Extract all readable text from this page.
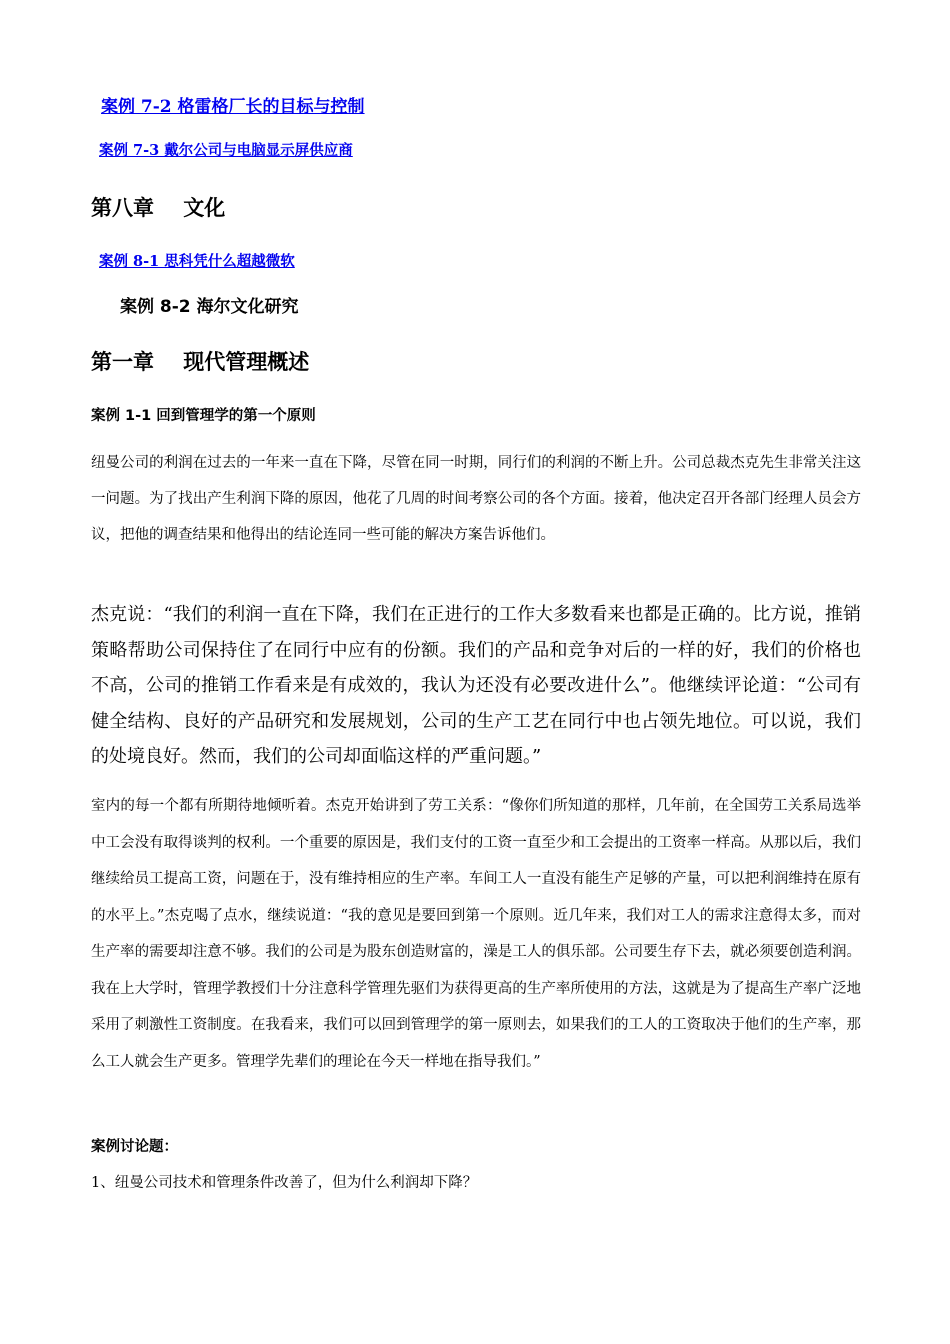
案例 7-2 格雷格厂长的目标与控制
案例 7-3 戴尔公司与电脑显示屏供应商
第八章    文化
案例 8-1 思科凭什么超越微软
案例 8-2 海尔文化研究
第一章    现代管理概述
案例 1-1 回到管理学的第一个原则

纽曼公司的利润在过去的一年来一直在下降，尽管在同一时期，同行们的利润的不断上升。公司总裁杰克先生非常关注这一问题。为了找出产生利润下降的原因，他花了几周的时间考察公司的各个方面。接着，他决定召开各部门经理人员会方议，把他的调查结果和他得出的结论连同一些可能的解决方案告诉他们。

杰克说：“我们的利润一直在下降，我们在正进行的工作大多数看来也都是正确的。比方说，推销策略帮助公司保持住了在同行中应有的份额。我们的产品和竞争对后的一样的好，我们的价格也不高，公司的推销工作看来是有成效的，我认为还没有必要改进什么”。他继续评论道：“公司有健全结构、良好的产品研究和发展规划，公司的生产工艺在同行中也占领先地位。可以说，我们的处境良好。然而，我们的公司却面临这样的严重问题。”

室内的每一个都有所期待地倾听着。杰克开始讲到了劳工关系：“像你们所知道的那样，几年前，在全国劳工关系局选举中工会没有取得谈判的权利。一个重要的原因是，我们支付的工资一直至少和工会提出的工资率一样高。从那以后，我们继续给员工提高工资，问题在于，没有维持相应的生产率。车间工人一直没有能生产足够的产量，可以把利润维持在原有的水平上。”杰克喝了点水，继续说道：“我的意见是要回到第一个原则。近几年来，我们对工人的需求注意得太多，而对生产率的需要却注意不够。我们的公司是为股东创造财富的，澡是工人的俱乐部。公司要生存下去，就必须要创造利润。我在上大学时，管理学教授们十分注意科学管理先驱们为获得更高的生产率所使用的方法，这就是为了提高生产率广泛地采用了刺激性工资制度。在我看来，我们可以回到管理学的第一原则去，如果我们的工人的工资取决于他们的生产率，那么工人就会生产更多。管理学先辈们的理论在今天一样地在指导我们。”

案例讨论题：
1、纽曼公司技术和管理条件改善了，但为什么利润却下降？
